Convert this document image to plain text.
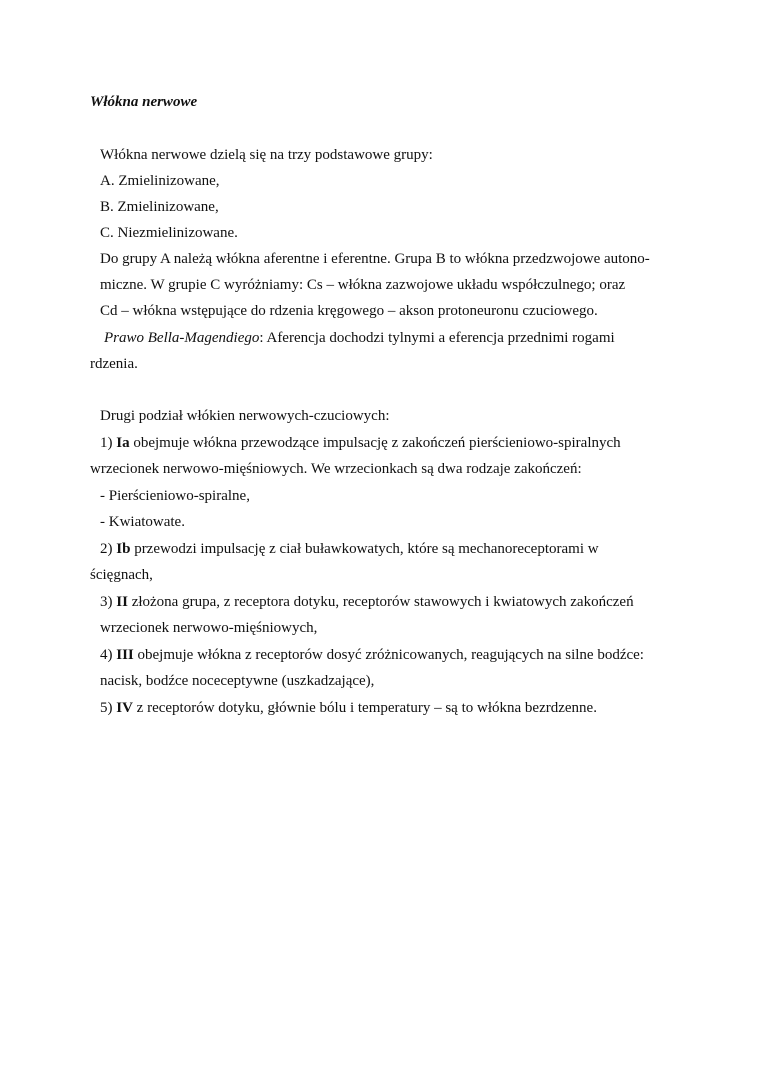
Włókna nerwowe
Włókna nerwowe dzielą się na trzy podstawowe grupy:
A. Zmielinizowane,
B. Zmielinizowane,
C. Niezmielinizowane.
Do grupy A należą włókna aferentne i eferentne. Grupa B to włókna przedzwojowe autono-
miczne. W grupie C wyróżniamy: Cs – włókna zazwojowe układu współczulnego; oraz
Cd – włókna wstępujące do rdzenia kręgowego – akson protoneuronu czuciowego.
Prawo Bella-Magendiego: Aferencja dochodzi tylnymi a eferencja przednimi rogami
rdzenia.
Drugi podział włókien nerwowych-czuciowych:
1) Ia obejmuje włókna przewodzące impulsację z zakończeń pierścieniowo-spiralnych
wrzecionek nerwowo-mięśniowych. We wrzecionkach są dwa rodzaje zakończeń:
- Pierścieniowo-spiralne,
- Kwiatowate.
2) Ib przewodzi impulsację z ciał buławkowatych, które są mechanoreceptorami w
ścięgnach,
3) II złożona grupa, z receptora dotyku, receptorów stawowych i kwiatowych zakończeń
wrzecionek nerwowo-mięśniowych,
4) III obejmuje włókna z receptorów dosyć zróżnicowanych, reagujących na silne bodźce:
nacisk, bodźce noceceptywne (uszkadzające),
5) IV z receptorów dotyku, głównie bólu i temperatury – są to włókna bezrdzenne.
